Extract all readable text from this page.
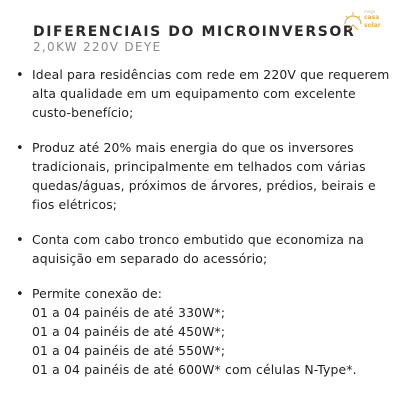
DIFERENCIAIS DO MICROINVERSOR
2,0KW 220V DEYE
mega
casa
solar
• Ideal para residências com rede em 220V que requerem alta qualidade em um equipamento com excelente custo-benefício;
• Produz até 20% mais energia do que os inversores tradicionais, principalmente em telhados com várias quedas/águas, próximos de árvores, prédios, beirais e fios elétricos;
• Conta com cabo tronco embutido que economiza na aquisição em separado do acessório;
• Permite conexão de:
01 a 04 painéis de até 330W*;
01 a 04 painéis de até 450W*;
01 a 04 painéis de até 550W*;
01 a 04 painéis de até 600W* com células N-Type*.
